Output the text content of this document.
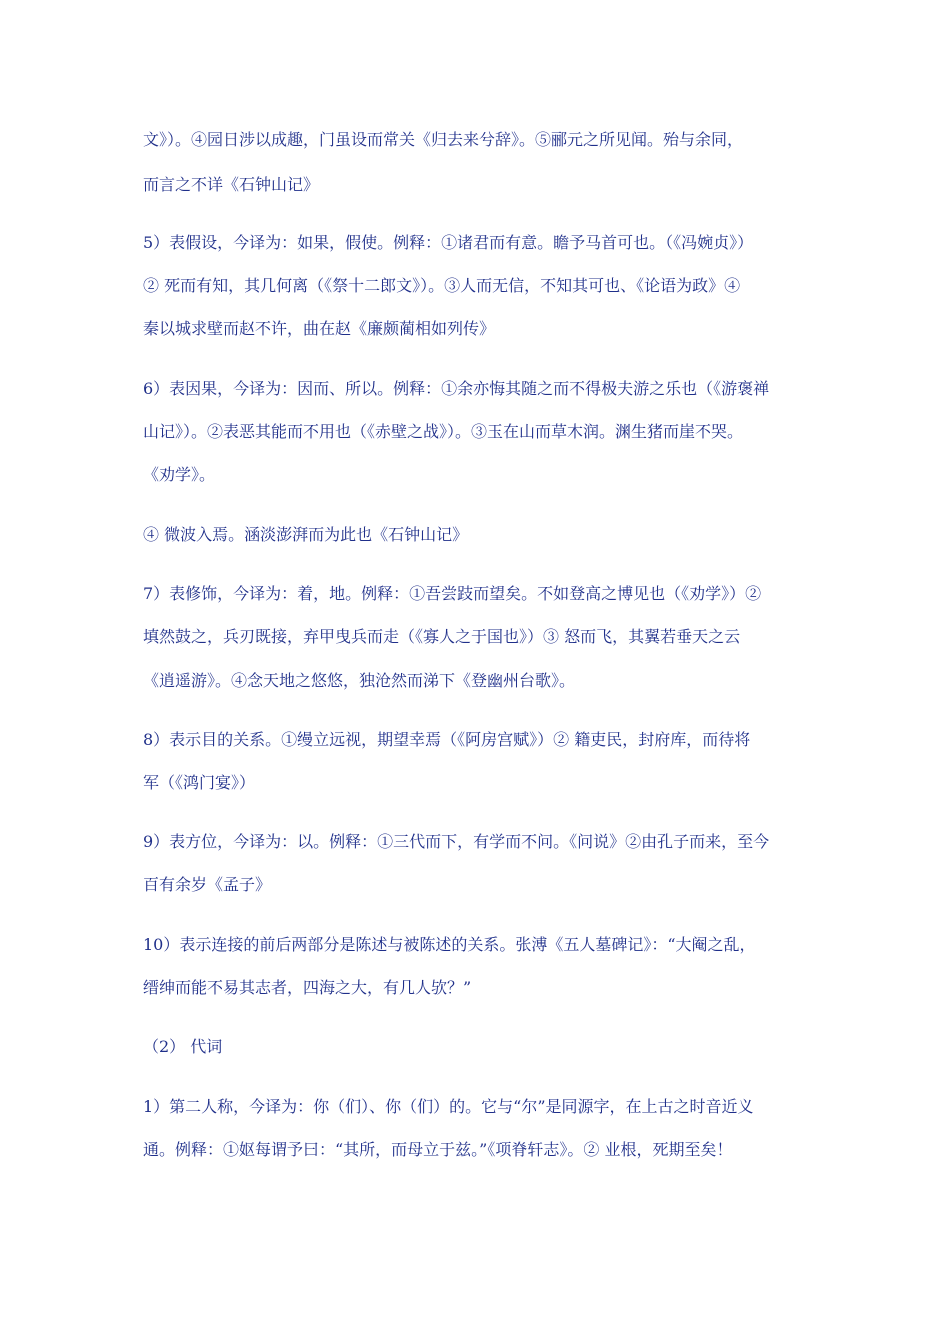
文》）。④园日涉以成趣，门虽设而常关《归去来兮辞》。⑤郦元之所见闻。殆与余同，
而言之不详《石钟山记》
5）表假设，今译为：如果，假使。例释：①诸君而有意。瞻予马首可也。（《冯婉贞》）
② 死而有知，其几何离（《祭十二郎文》）。③人而无信，不知其可也、《论语为政》④
秦以城求壁而赵不许，曲在赵《廉颇蔺相如列传》
6）表因果，今译为：因而、所以。例释：①余亦悔其随之而不得极夫游之乐也（《游褒禅
山记》）。②表恶其能而不用也（《赤壁之战》）。③玉在山而草木润。渊生猪而崖不哭。
《劝学》。
④ 微波入焉。涵淡澎湃而为此也《石钟山记》
7）表修饰，今译为：着，地。例释：①吾尝跂而望矣。不如登高之博见也（《劝学》）②
填然鼓之，兵刃既接，弃甲曳兵而走（《寡人之于国也》）③ 怒而飞，其翼若垂天之云
《逍遥游》。④念天地之悠悠，独沧然而涕下《登幽州台歌》。
8）表示目的关系。①缦立远视，期望幸焉（《阿房宫赋》）② 籍吏民，封府库，而待将
军（《鸿门宴》）
9）表方位，今译为：以。例释：①三代而下，有学而不问。《问说》②由孔子而来，至今
百有余岁《孟子》
10）表示连接的前后两部分是陈述与被陈述的关系。张溥《五人墓碑记》：“大阉之乱，
缙绅而能不易其志者，四海之大，有几人欤？”
（2） 代词
1）第二人称，今译为：你（们）、你（们）的。它与“尔”是同源字，在上古之时音近义
通。例释：①妪每谓予曰：“其所，而母立于兹。”《项脊轩志》。② 业根，死期至矣！
